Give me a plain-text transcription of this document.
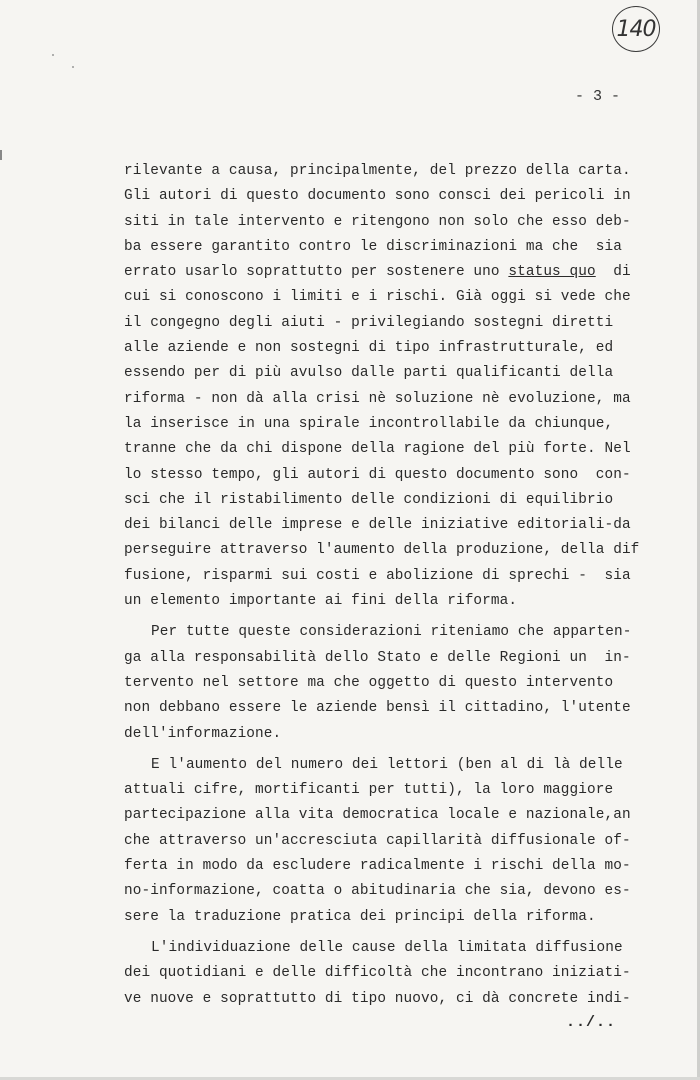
140
- 3 -
rilevante a causa, principalmente, del prezzo della carta.
Gli autori di questo documento sono consci dei pericoli in
siti in tale intervento e ritengono non solo che esso deb-
ba essere garantito contro le discriminazioni ma che  sia
errato usarlo soprattutto per sostenere uno status quo  di
cui si conoscono i limiti e i rischi. Già oggi si vede che
il congegno degli aiuti - privilegiando sostegni diretti
alle aziende e non sostegni di tipo infrastrutturale, ed
essendo per di più avulso dalle parti qualificanti della
riforma - non dà alla crisi nè soluzione nè evoluzione, ma
la inserisce in una spirale incontrollabile da chiunque,
tranne che da chi dispone della ragione del più forte. Nel
lo stesso tempo, gli autori di questo documento sono  con-
sci che il ristabilimento delle condizioni di equilibrio
dei bilanci delle imprese e delle iniziative editoriali-da
perseguire attraverso l'aumento della produzione, della dif
fusione, risparmi sui costi e abolizione di sprechi -  sia
un elemento importante ai fini della riforma.
Per tutte queste considerazioni riteniamo che apparten-
ga alla responsabilità dello Stato e delle Regioni un  in-
tervento nel settore ma che oggetto di questo intervento
non debbano essere le aziende bensì il cittadino, l'utente
dell'informazione.
E l'aumento del numero dei lettori (ben al di là delle
attuali cifre, mortificanti per tutti), la loro maggiore
partecipazione alla vita democratica locale e nazionale,an
che attraverso un'accresciuta capillarità diffusionale of-
ferta in modo da escludere radicalmente i rischi della mo-
no-informazione, coatta o abitudinaria che sia, devono es-
sere la traduzione pratica dei principi della riforma.
L'individuazione delle cause della limitata diffusione
dei quotidiani e delle difficoltà che incontrano iniziati-
ve nuove e soprattutto di tipo nuovo, ci dà concrete indi-
../..
